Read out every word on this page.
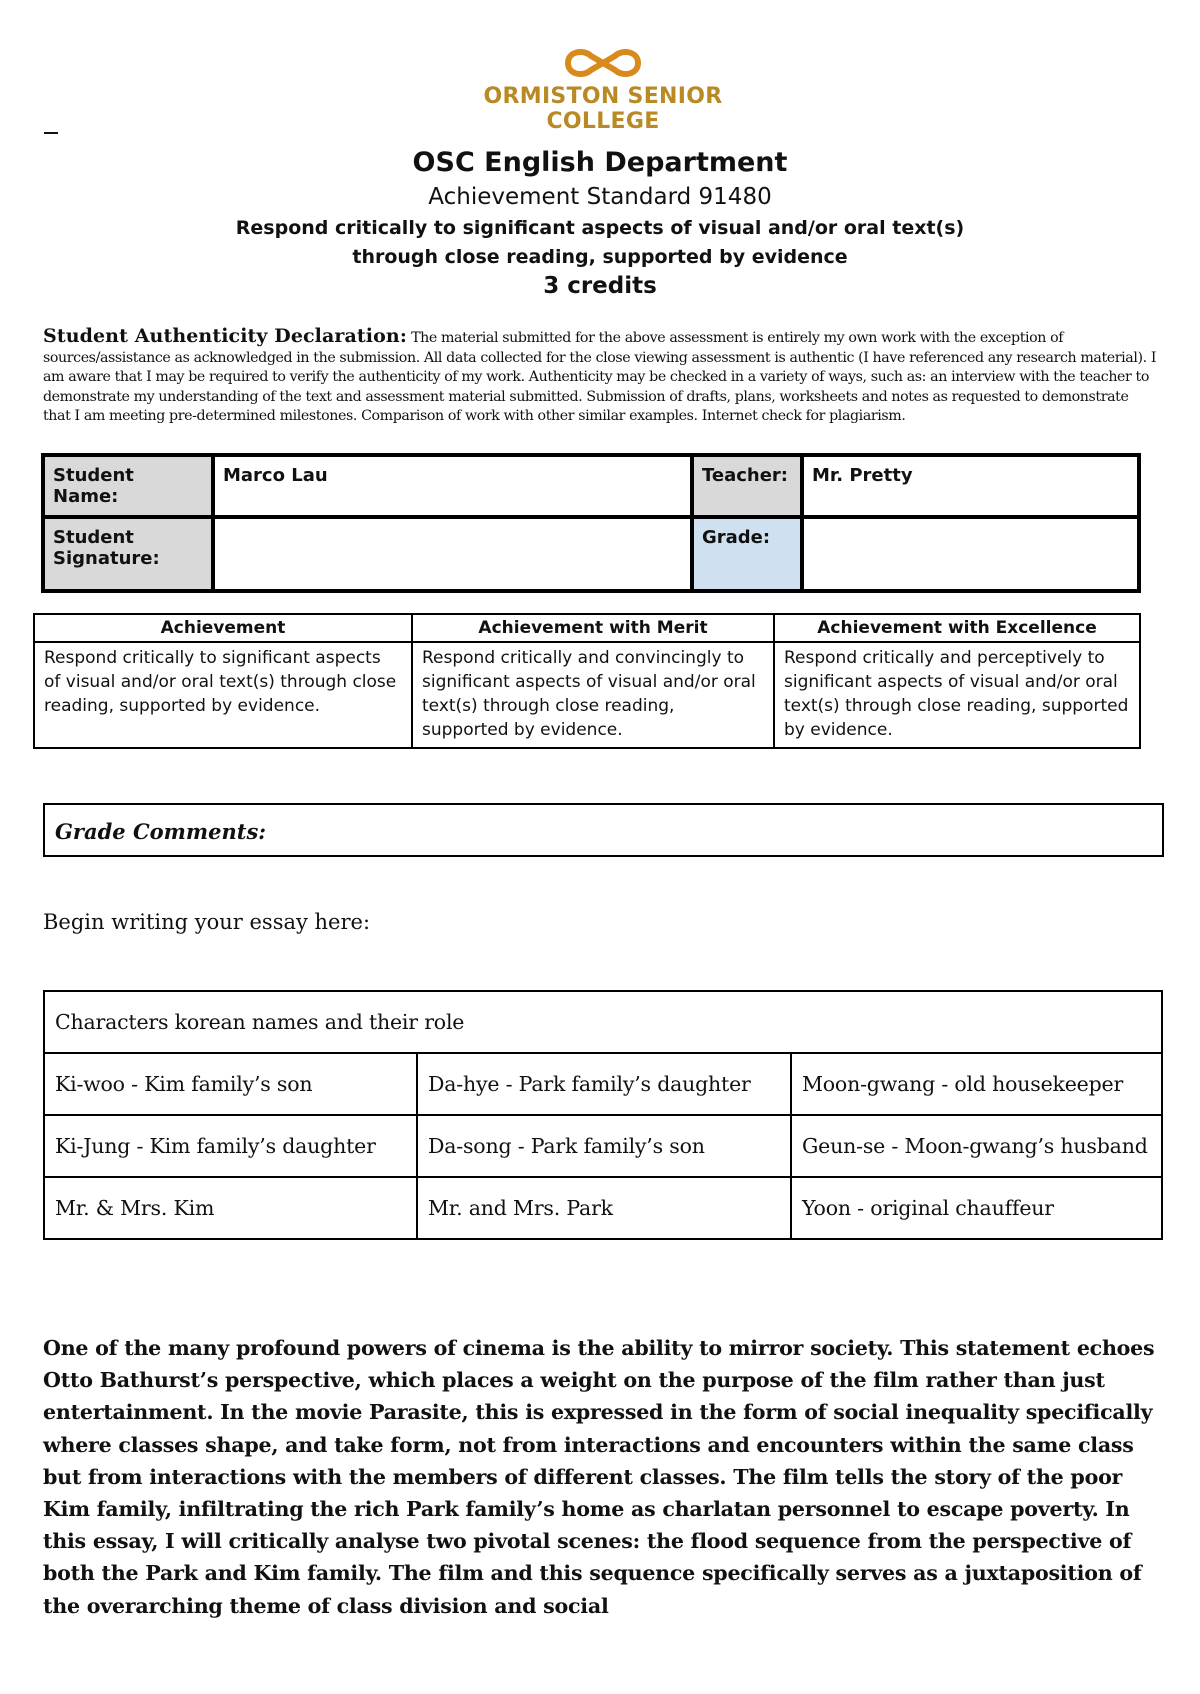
ORMISTON SENIOR COLLEGE
OSC English Department
Achievement Standard 91480
Respond critically to significant aspects of visual and/or oral text(s)
through close reading, supported by evidence
3 credits
Student Authenticity Declaration: The material submitted for the above assessment is entirely my own work with the exception of sources/assistance as acknowledged in the submission. All data collected for the close viewing assessment is authentic (I have referenced any research material). I am aware that I may be required to verify the authenticity of my work. Authenticity may be checked in a variety of ways, such as: an interview with the teacher to demonstrate my understanding of the text and assessment material submitted. Submission of drafts, plans, worksheets and notes as requested to demonstrate that I am meeting pre-determined milestones. Comparison of work with other similar examples. Internet check for plagiarism.
Student Name:	Marco Lau	Teacher:	Mr. Pretty
Student Signature:		Grade:	
Achievement	Achievement with Merit	Achievement with Excellence
Respond critically to significant aspects of visual and/or oral text(s) through close reading, supported by evidence.	Respond critically and convincingly to significant aspects of visual and/or oral text(s) through close reading, supported by evidence.	Respond critically and perceptively to significant aspects of visual and/or oral text(s) through close reading, supported by evidence.
Grade Comments:
Begin writing your essay here:
Characters korean names and their role		
Ki-woo - Kim family’s son	Da-hye - Park family’s daughter	Moon-gwang - old housekeeper
Ki-Jung - Kim family’s daughter	Da-song - Park family’s son	Geun-se - Moon-gwang’s husband
Mr. & Mrs. Kim	Mr. and Mrs. Park	Yoon - original chauffeur
One of the many profound powers of cinema is the ability to mirror society. This statement echoes Otto Bathurst’s perspective, which places a weight on the purpose of the film rather than just entertainment. In the movie Parasite, this is expressed in the form of social inequality specifically where classes shape, and take form, not from interactions and encounters within the same class but from interactions with the members of different classes. The film tells the story of the poor Kim family, infiltrating the rich Park family’s home as charlatan personnel to escape poverty. In this essay, I will critically analyse two pivotal scenes: the flood sequence from the perspective of both the Park and Kim family. The film and this sequence specifically serves as a juxtaposition of the overarching theme of class division and social
